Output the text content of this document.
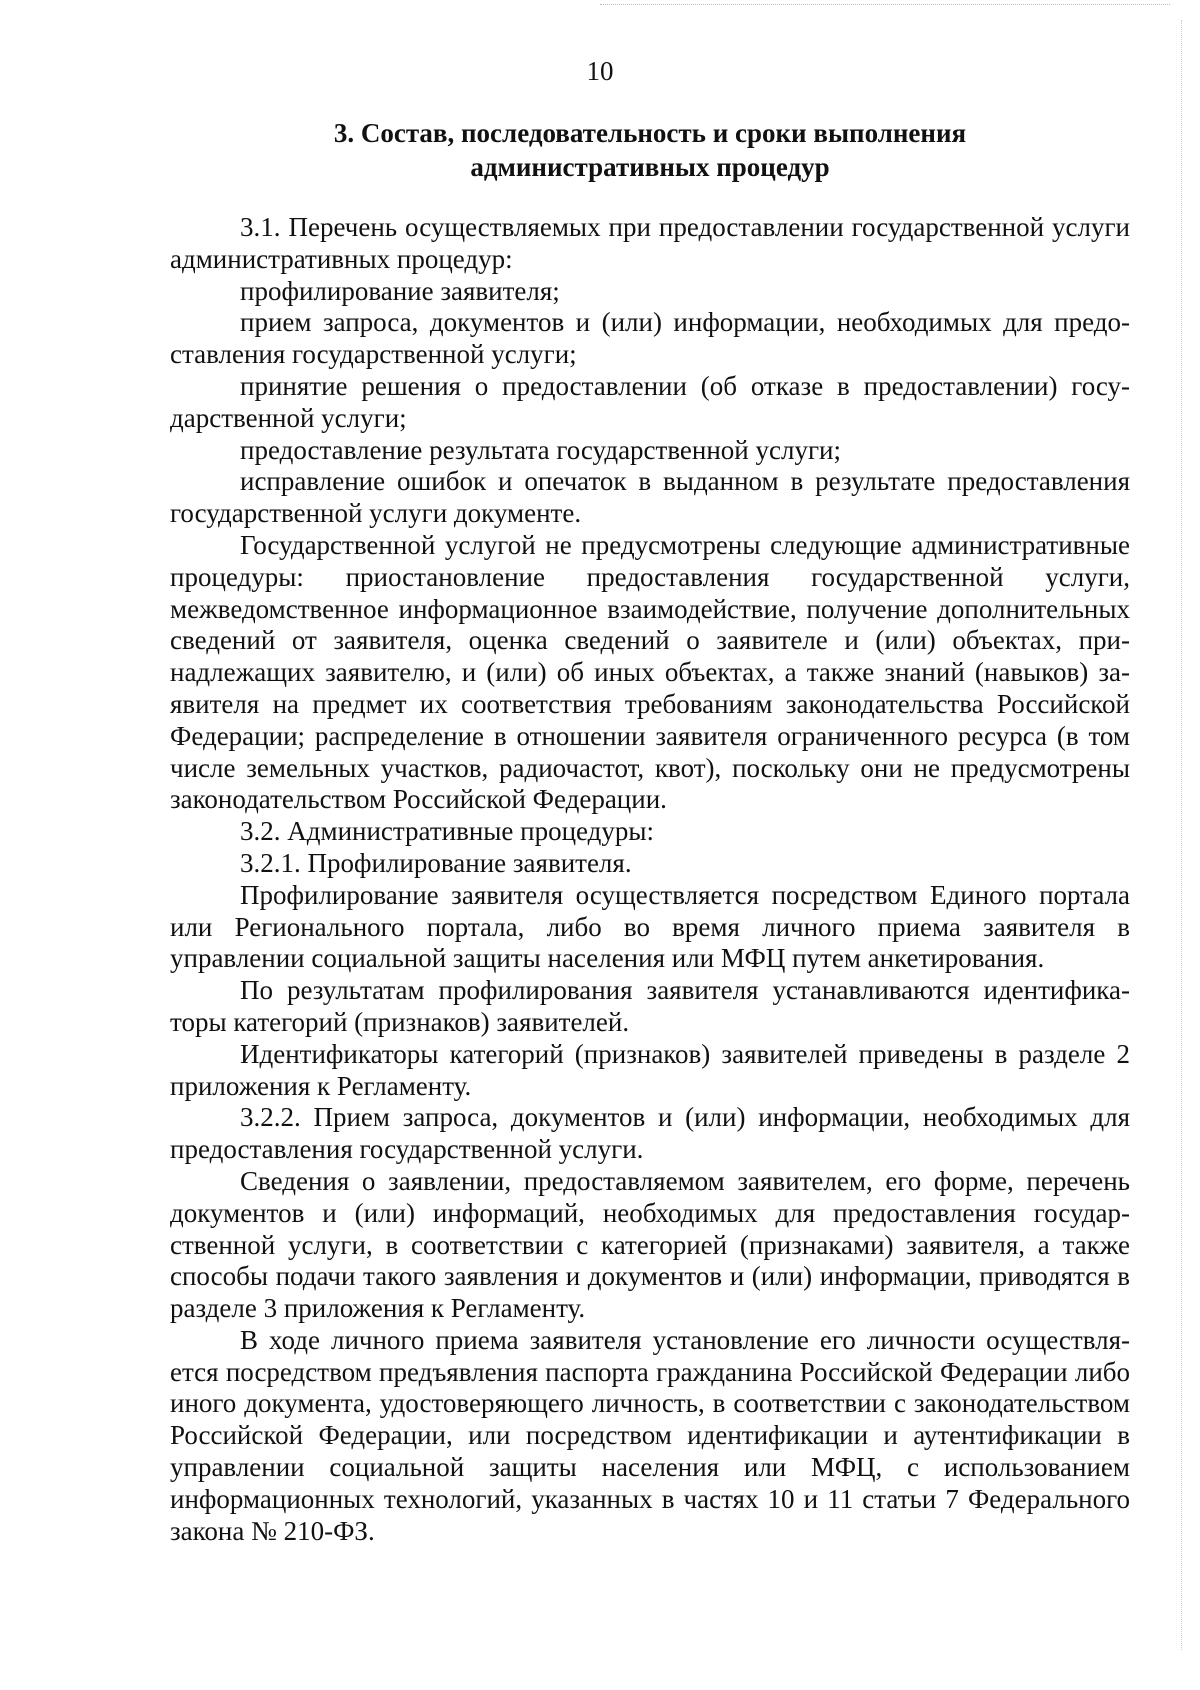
10
3. Состав, последовательность и сроки выполнения
административных процедур

3.1. Перечень осуществляемых при предоставлении государственной услуги административных процедур:

профилирование заявителя;

прием запроса, документов и (или) информации, необходимых для предоставления государственной услуги;

принятие решения о предоставлении (об отказе в предоставлении) государственной услуги;

предоставление результата государственной услуги;

исправление ошибок и опечаток в выданном в результате предоставления государственной услуги документе.

Государственной услугой не предусмотрены следующие административные процедуры: приостановление предоставления государственной услуги, межведомственное информационное взаимодействие, получение дополнительных сведений от заявителя, оценка сведений о заявителе и (или) объектах, принадлежащих заявителю, и (или) об иных объектах, а также знаний (навыков) заявителя на предмет их соответствия требованиям законодательства Российской Федерации; распределение в отношении заявителя ограниченного ресурса (в том числе земельных участков, радиочастот, квот), поскольку они не предусмотрены законодательством Российской Федерации.

3.2. Административные процедуры:

3.2.1. Профилирование заявителя.

Профилирование заявителя осуществляется посредством Единого портала или Регионального портала, либо во время личного приема заявителя в управлении социальной защиты населения или МФЦ путем анкетирования.

По результатам профилирования заявителя устанавливаются идентификаторы категорий (признаков) заявителей.

Идентификаторы категорий (признаков) заявителей приведены в разделе 2 приложения к Регламенту.

3.2.2. Прием запроса, документов и (или) информации, необходимых для предоставления государственной услуги.

Сведения о заявлении, предоставляемом заявителем, его форме, перечень документов и (или) информаций, необходимых для предоставления государственной услуги, в соответствии с категорией (признаками) заявителя, а также способы подачи такого заявления и документов и (или) информации, приводятся в разделе 3 приложения к Регламенту.

В ходе личного приема заявителя установление его личности осуществляется посредством предъявления паспорта гражданина Российской Федерации либо иного документа, удостоверяющего личность, в соответствии с законодательством Российской Федерации, или посредством идентификации и аутентификации в управлении социальной защиты населения или МФЦ, с использованием информационных технологий, указанных в частях 10 и 11 статьи 7 Федерального закона № 210-ФЗ.
